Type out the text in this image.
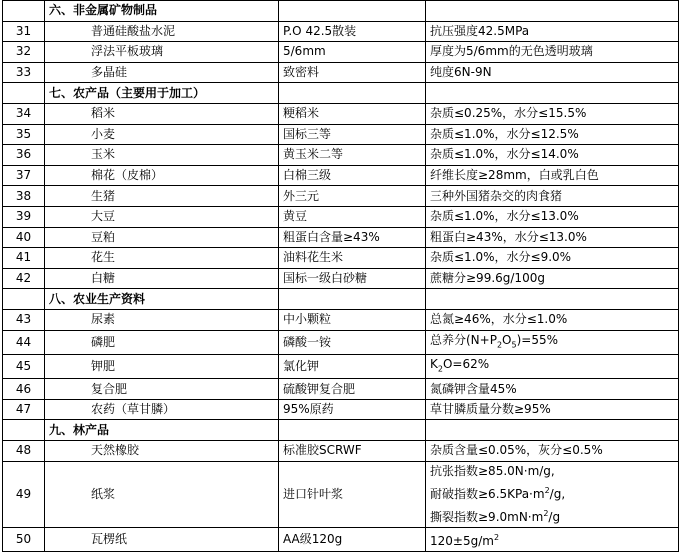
	六、非金属矿物制品		
31	普通硅酸盐水泥	P.O 42.5散装	抗压强度42.5MPa
32	浮法平板玻璃	5/6mm	厚度为5/6mm的无色透明玻璃
33	多晶硅	致密料	纯度6N-9N
	七、农产品（主要用于加工）		
34	稻米	粳稻米	杂质≤0.25%，水分≤15.5%
35	小麦	国标三等	杂质≤1.0%，水分≤12.5%
36	玉米	黄玉米二等	杂质≤1.0%，水分≤14.0%
37	棉花（皮棉）	白棉三级	纤维长度≥28mm，白或乳白色
38	生猪	外三元	三种外国猪杂交的肉食猪
39	大豆	黄豆	杂质≤1.0%，水分≤13.0%
40	豆粕	粗蛋白含量≥43%	粗蛋白≥43%，水分≤13.0%
41	花生	油料花生米	杂质≤1.0%，水分≤9.0%
42	白糖	国标一级白砂糖	蔗糖分≥99.6g/100g
	八、农业生产资料		
43	尿素	中小颗粒	总氮≥46%，水分≤1.0%
44	磷肥	磷酸一铵	总养分$(N+P_2O_5)=55\%$
45	钾肥	氯化钾	$K_2O=62\%$
46	复合肥	硫酸钾复合肥	氮磷钾含量45%
47	农药（草甘膦）	95%原药	草甘膦质量分数≥95%
	九、林产品		
48	天然橡胶	标准胶SCRWF	杂质含量≤0.05%，灰分≤0.5%
49	纸浆	进口针叶浆	抗张指数≥85.0N·m/g,
耐破指数$\ge 6.5KPa\cdot m^2/g$,
撕裂指数$\ge 9.0mN\cdot m^2/g$

50	瓦楞纸	AA级120g	$120\pm 5g/m^2$
